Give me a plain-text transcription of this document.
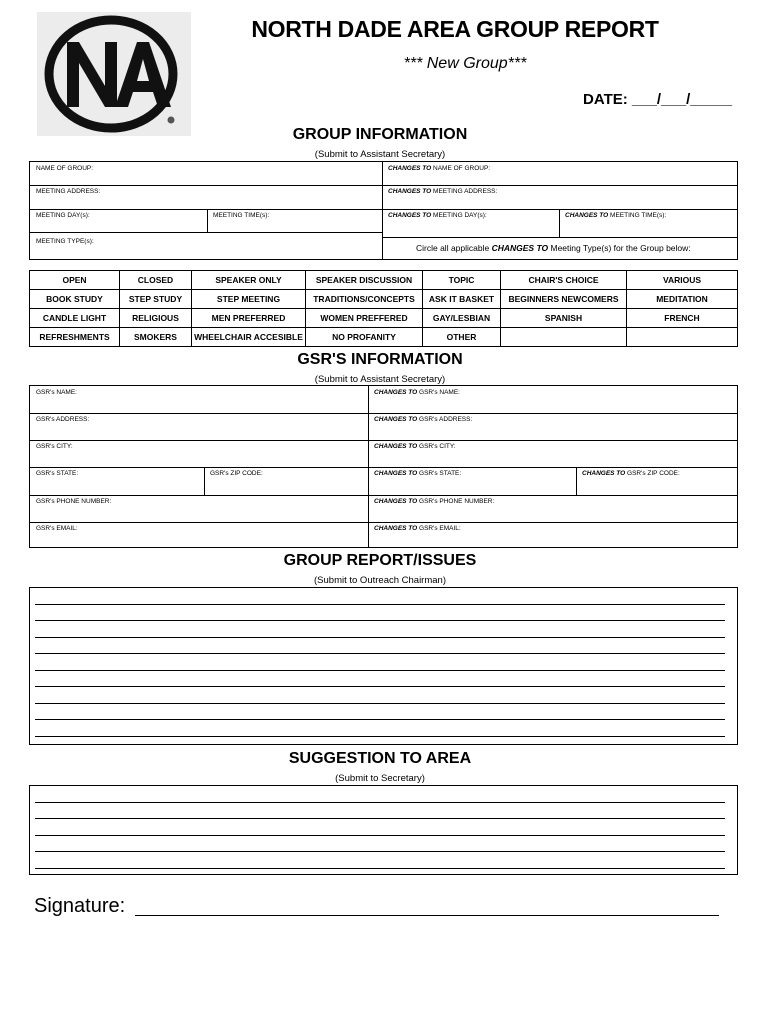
NORTH DADE AREA GROUP REPORT
*** New Group***
DATE: ___/___/_____
GROUP INFORMATION
(Submit to Assistant Secretary)
NAME OF GROUP:	CHANGES TO NAME OF GROUP:
MEETING ADDRESS:	CHANGES TO MEETING ADDRESS:
MEETING DAY(s):	MEETING TIME(s):	CHANGES TO MEETING DAY(s):	CHANGES TO MEETING TIME(s):
MEETING TYPE(s):
Circle all applicable CHANGES TO Meeting Type(s) for the Group below:
OPEN	CLOSED	SPEAKER ONLY	SPEAKER DISCUSSION	TOPIC	CHAIR'S CHOICE	VARIOUS
BOOK STUDY	STEP STUDY	STEP MEETING	TRADITIONS/CONCEPTS	ASK IT BASKET	BEGINNERS NEWCOMERS	MEDITATION
CANDLE LIGHT	RELIGIOUS	MEN PREFERRED	WOMEN PREFFERED	GAY/LESBIAN	SPANISH	FRENCH
REFRESHMENTS	SMOKERS	WHEELCHAIR ACCESIBLE	NO PROFANITY	OTHER		
GSR'S INFORMATION
(Submit to Assistant Secretary)
GSR's NAME:	CHANGES TO GSR's NAME:
GSR's ADDRESS:	CHANGES TO GSR's ADDRESS:
GSR's CITY:	CHANGES TO GSR's CITY:
GSR's STATE:	GSR's ZIP CODE:	CHANGES TO GSR's STATE:	CHANGES TO GSR's ZIP CODE:
GSR's PHONE NUMBER:	CHANGES TO GSR's PHONE NUMBER:
GSR's EMAIL:	CHANGES TO GSR's EMAIL:
GROUP REPORT/ISSUES
(Submit to Outreach Chairman)
SUGGESTION TO AREA
(Submit to Secretary)
Signature:
